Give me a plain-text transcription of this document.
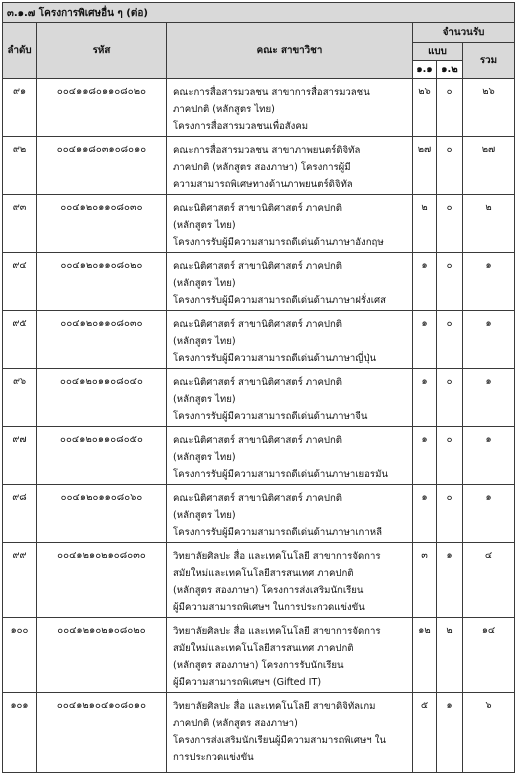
๓.๑.๗ โครงการพิเศษอื่น ๆ (ต่อ)					
ลำดับ	รหัส	คณะ สาขาวิชา	จำนวนรับ		
			แบบ		รวม
			๑.๑	๑.๒	
๙๑	๐๐๔๑๑๘๐๑๑๐๘๐๒๐	คณะการสื่อสารมวลชน สาขาการสื่อสารมวลชน
ภาคปกติ (หลักสูตร ไทย)
โครงการสื่อสารมวลชนเพื่อสังคม	๒๖	๐	๒๖
๙๒	๐๐๔๑๑๘๐๓๑๐๘๐๑๐	คณะการสื่อสารมวลชน สาขาภาพยนตร์ดิจิทัล
ภาคปกติ (หลักสูตร สองภาษา) โครงการผู้มี
ความสามารถพิเศษทางด้านภาพยนตร์ดิจิทัล	๒๗	๐	๒๗
๙๓	๐๐๔๑๒๐๑๑๐๘๐๓๐	คณะนิติศาสตร์ สาขานิติศาสตร์ ภาคปกติ
(หลักสูตร ไทย)
โครงการรับผู้มีความสามารถดีเด่นด้านภาษาอังกฤษ	๒	๐	๒
๙๔	๐๐๔๑๒๐๑๑๐๘๐๒๐	คณะนิติศาสตร์ สาขานิติศาสตร์ ภาคปกติ
(หลักสูตร ไทย)
โครงการรับผู้มีความสามารถดีเด่นด้านภาษาฝรั่งเศส	๑	๐	๑
๙๕	๐๐๔๑๒๐๑๑๐๘๐๓๐	คณะนิติศาสตร์ สาขานิติศาสตร์ ภาคปกติ
(หลักสูตร ไทย)
โครงการรับผู้มีความสามารถดีเด่นด้านภาษาญี่ปุ่น	๑	๐	๑
๙๖	๐๐๔๑๒๐๑๑๐๘๐๔๐	คณะนิติศาสตร์ สาขานิติศาสตร์ ภาคปกติ
(หลักสูตร ไทย)
โครงการรับผู้มีความสามารถดีเด่นด้านภาษาจีน	๑	๐	๑
๙๗	๐๐๔๑๒๐๑๑๐๘๐๕๐	คณะนิติศาสตร์ สาขานิติศาสตร์ ภาคปกติ
(หลักสูตร ไทย)
โครงการรับผู้มีความสามารถดีเด่นด้านภาษาเยอรมัน	๑	๐	๑
๙๘	๐๐๔๑๒๐๑๑๐๘๐๖๐	คณะนิติศาสตร์ สาขานิติศาสตร์ ภาคปกติ
(หลักสูตร ไทย)
โครงการรับผู้มีความสามารถดีเด่นด้านภาษาเกาหลี	๑	๐	๑
๙๙	๐๐๔๑๒๑๐๒๑๐๘๐๓๐	วิทยาลัยศิลปะ สื่อ และเทคโนโลยี สาขาการจัดการ
สมัยใหม่และเทคโนโลยีสารสนเทศ ภาคปกติ
(หลักสูตร สองภาษา) โครงการส่งเสริมนักเรียน
ผู้มีความสามารถพิเศษฯ ในการประกวดแข่งขัน	๓	๑	๔
๑๐๐	๐๐๔๑๒๑๐๒๑๐๘๐๒๐	วิทยาลัยศิลปะ สื่อ และเทคโนโลยี สาขาการจัดการ
สมัยใหม่และเทคโนโลยีสารสนเทศ ภาคปกติ
(หลักสูตร สองภาษา) โครงการรับนักเรียน
ผู้มีความสามารถพิเศษฯ (Gifted IT)	๑๒	๒	๑๔
๑๐๑	๐๐๔๑๒๑๐๔๑๐๘๐๑๐	วิทยาลัยศิลปะ สื่อ และเทคโนโลยี สาขาดิจิทัลเกม
ภาคปกติ (หลักสูตร สองภาษา)
โครงการส่งเสริมนักเรียนผู้มีความสามารถพิเศษฯ ใน
การประกวดแข่งขัน	๕	๑	๖
